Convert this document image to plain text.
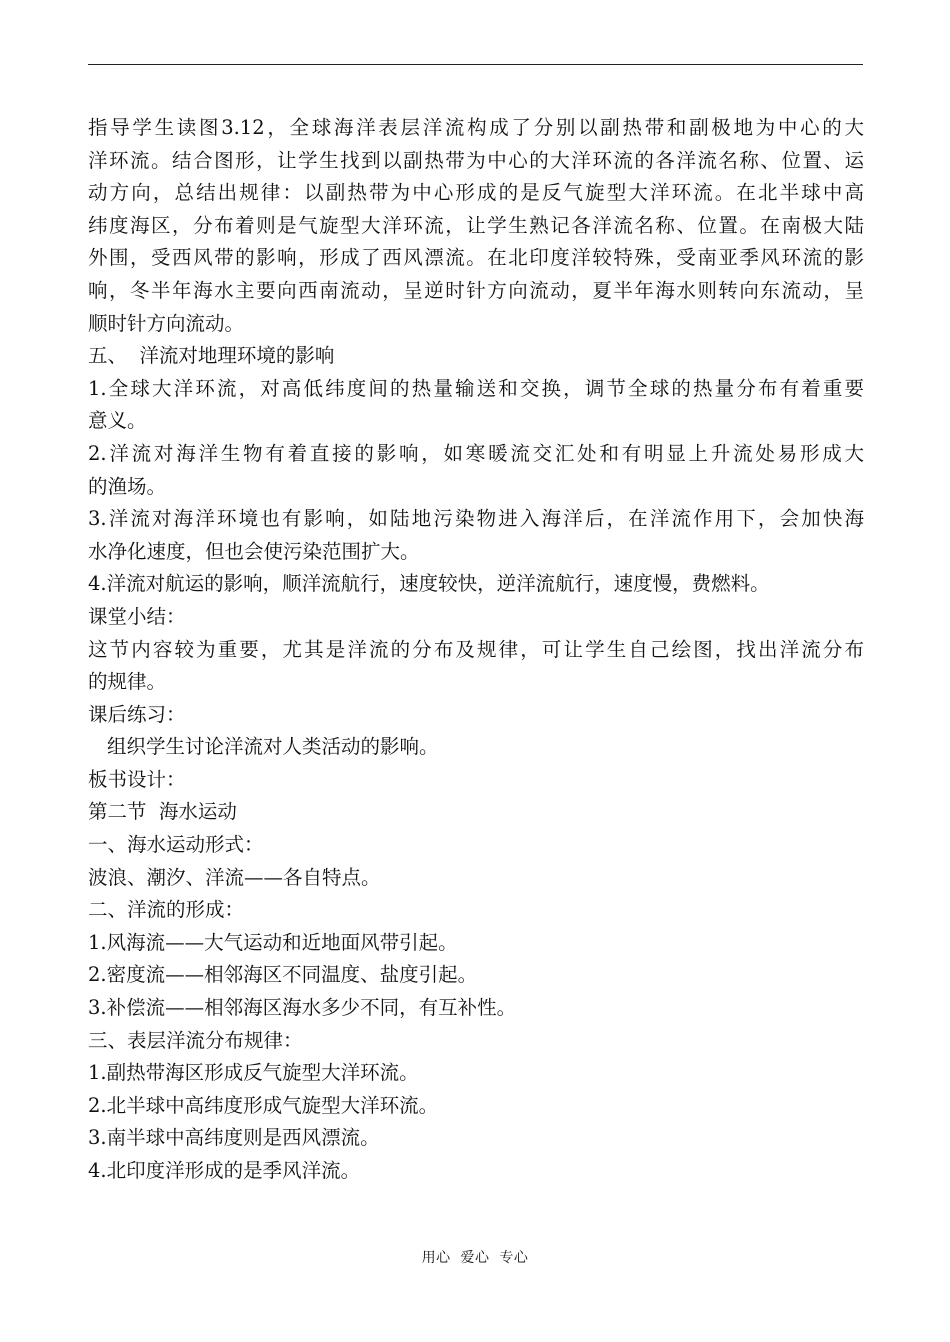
指导学生读图3.12，全球海洋表层洋流构成了分别以副热带和副极地为中心的大
洋环流。结合图形，让学生找到以副热带为中心的大洋环流的各洋流名称、位置、运
动方向，总结出规律：以副热带为中心形成的是反气旋型大洋环流。在北半球中高
纬度海区，分布着则是气旋型大洋环流，让学生熟记各洋流名称、位置。在南极大陆
外围，受西风带的影响，形成了西风漂流。在北印度洋较特殊，受南亚季风环流的影
响，冬半年海水主要向西南流动，呈逆时针方向流动，夏半年海水则转向东流动，呈
顺时针方向流动。
五、  洋流对地理环境的影响
1.全球大洋环流，对高低纬度间的热量输送和交换，调节全球的热量分布有着重要
意义。
2.洋流对海洋生物有着直接的影响，如寒暖流交汇处和有明显上升流处易形成大
的渔场。
3.洋流对海洋环境也有影响，如陆地污染物进入海洋后，在洋流作用下，会加快海
水净化速度，但也会使污染范围扩大。
4.洋流对航运的影响，顺洋流航行，速度较快，逆洋流航行，速度慢，费燃料。
课堂小结：
这节内容较为重要，尤其是洋流的分布及规律，可让学生自己绘图，找出洋流分布
的规律。
课后练习：
组织学生讨论洋流对人类活动的影响。
板书设计：
第二节  海水运动
一、海水运动形式：
波浪、潮汐、洋流——各自特点。
二、洋流的形成：
1.风海流——大气运动和近地面风带引起。
2.密度流——相邻海区不同温度、盐度引起。
3.补偿流——相邻海区海水多少不同，有互补性。
三、表层洋流分布规律：
1.副热带海区形成反气旋型大洋环流。
2.北半球中高纬度形成气旋型大洋环流。
3.南半球中高纬度则是西风漂流。
4.北印度洋形成的是季风洋流。
用心  爱心  专心
